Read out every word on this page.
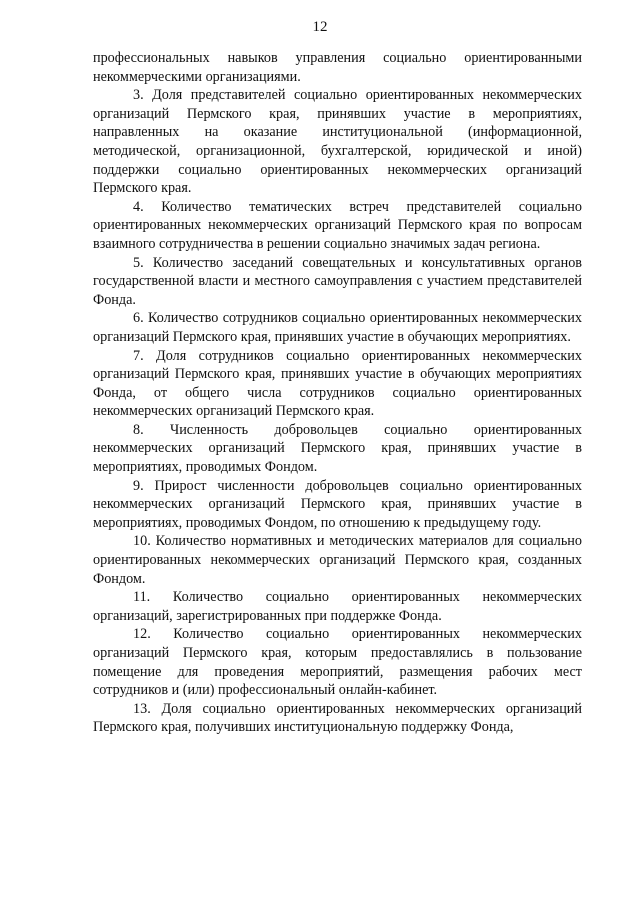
12

профессиональных навыков управления социально ориентированными некоммерческими организациями.

3. Доля представителей социально ориентированных некоммерческих организаций Пермского края, принявших участие в мероприятиях, направленных на оказание институциональной (информационной, методической, организационной, бухгалтерской, юридической и иной) поддержки социально ориентированных некоммерческих организаций Пермского края.

4. Количество тематических встреч представителей социально ориентированных некоммерческих организаций Пермского края по вопросам взаимного сотрудничества в решении социально значимых задач региона.

5. Количество заседаний совещательных и консультативных органов государственной власти и местного самоуправления с участием представителей Фонда.

6. Количество сотрудников социально ориентированных некоммерческих организаций Пермского края, принявших участие в обучающих мероприятиях.

7. Доля сотрудников социально ориентированных некоммерческих организаций Пермского края, принявших участие в обучающих мероприятиях Фонда, от общего числа сотрудников социально ориентированных некоммерческих организаций Пермского края.

8. Численность добровольцев социально ориентированных некоммерческих организаций Пермского края, принявших участие в мероприятиях, проводимых Фондом.

9. Прирост численности добровольцев социально ориентированных некоммерческих организаций Пермского края, принявших участие в мероприятиях, проводимых Фондом, по отношению к предыдущему году.

10. Количество нормативных и методических материалов для социально ориентированных некоммерческих организаций Пермского края, созданных Фондом.

11. Количество социально ориентированных некоммерческих организаций, зарегистрированных при поддержке Фонда.

12. Количество социально ориентированных некоммерческих организаций Пермского края, которым предоставлялись в пользование помещение для проведения мероприятий, размещения рабочих мест сотрудников и (или) профессиональный онлайн-кабинет.

13. Доля социально ориентированных некоммерческих организаций Пермского края, получивших институциональную поддержку Фонда,
